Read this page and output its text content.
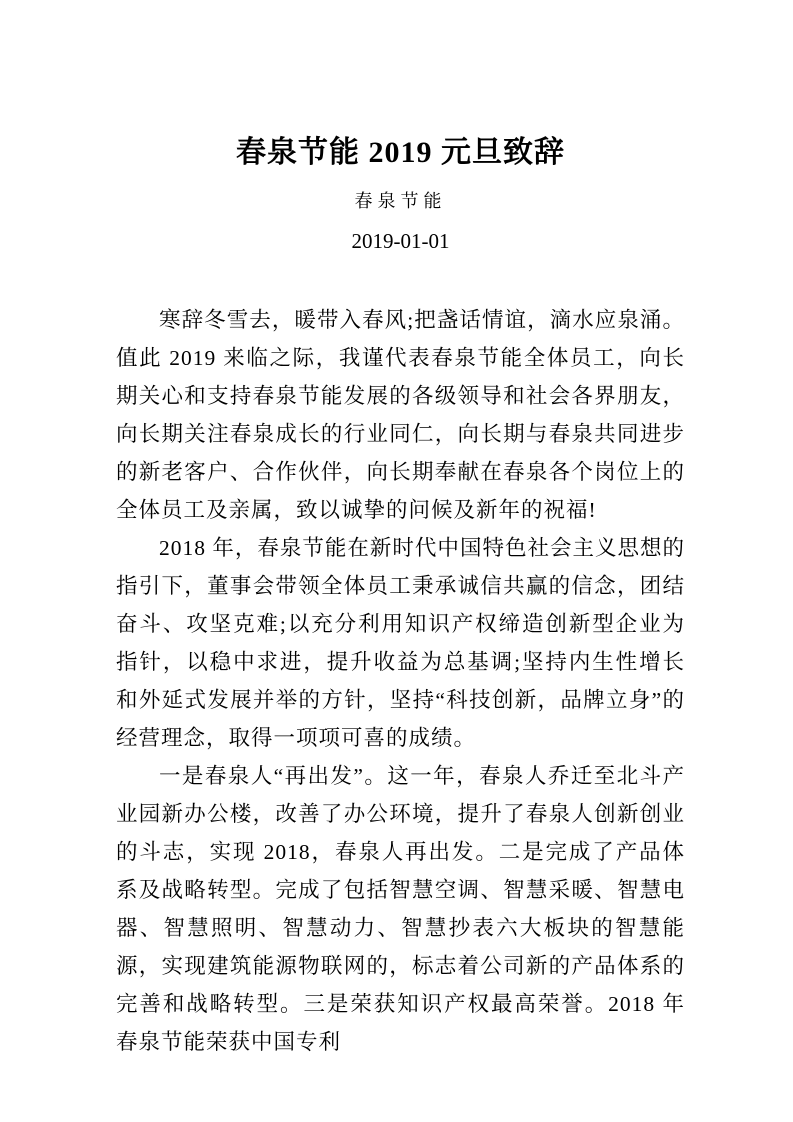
春泉节能 2019 元旦致辞
春泉节能
2019-01-01

寒辞冬雪去，暖带入春风;把盏话情谊，滴水应泉涌。值此 2019 来临之际，我谨代表春泉节能全体员工，向长期关心和支持春泉节能发展的各级领导和社会各界朋友，向长期关注春泉成长的行业同仁，向长期与春泉共同进步的新老客户、合作伙伴，向长期奉献在春泉各个岗位上的全体员工及亲属，致以诚挚的问候及新年的祝福!

2018 年，春泉节能在新时代中国特色社会主义思想的指引下，董事会带领全体员工秉承诚信共赢的信念，团结奋斗、攻坚克难;以充分利用知识产权缔造创新型企业为指针，以稳中求进，提升收益为总基调;坚持内生性增长和外延式发展并举的方针，坚持“科技创新，品牌立身”的经营理念，取得一项项可喜的成绩。

一是春泉人“再出发”。这一年，春泉人乔迁至北斗产业园新办公楼，改善了办公环境，提升了春泉人创新创业的斗志，实现 2018，春泉人再出发。二是完成了产品体系及战略转型。完成了包括智慧空调、智慧采暖、智慧电器、智慧照明、智慧动力、智慧抄表六大板块的智慧能源，实现建筑能源物联网的，标志着公司新的产品体系的完善和战略转型。三是荣获知识产权最高荣誉。2018 年春泉节能荣获中国专利
